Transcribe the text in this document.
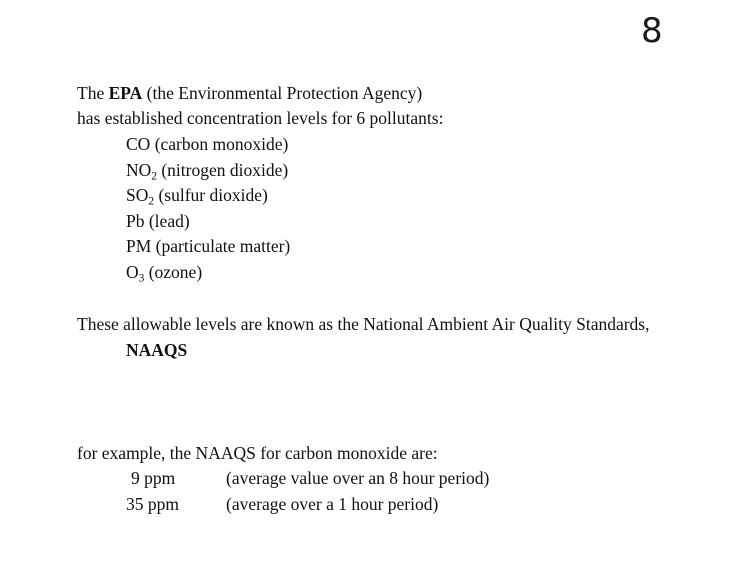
8
The EPA (the Environmental Protection Agency)
has established concentration levels for 6 pollutants:
CO (carbon monoxide)
$NO_2$ (nitrogen dioxide)
$SO_2$ (sulfur dioxide)
Pb (lead)
PM (particulate matter)
$O_3$ (ozone)
These allowable levels are known as the National Ambient Air Quality Standards,
NAAQS
for example, the NAAQS for carbon monoxide are:
9 ppm	(average value over an 8 hour period)
35 ppm	(average over a 1 hour period)
